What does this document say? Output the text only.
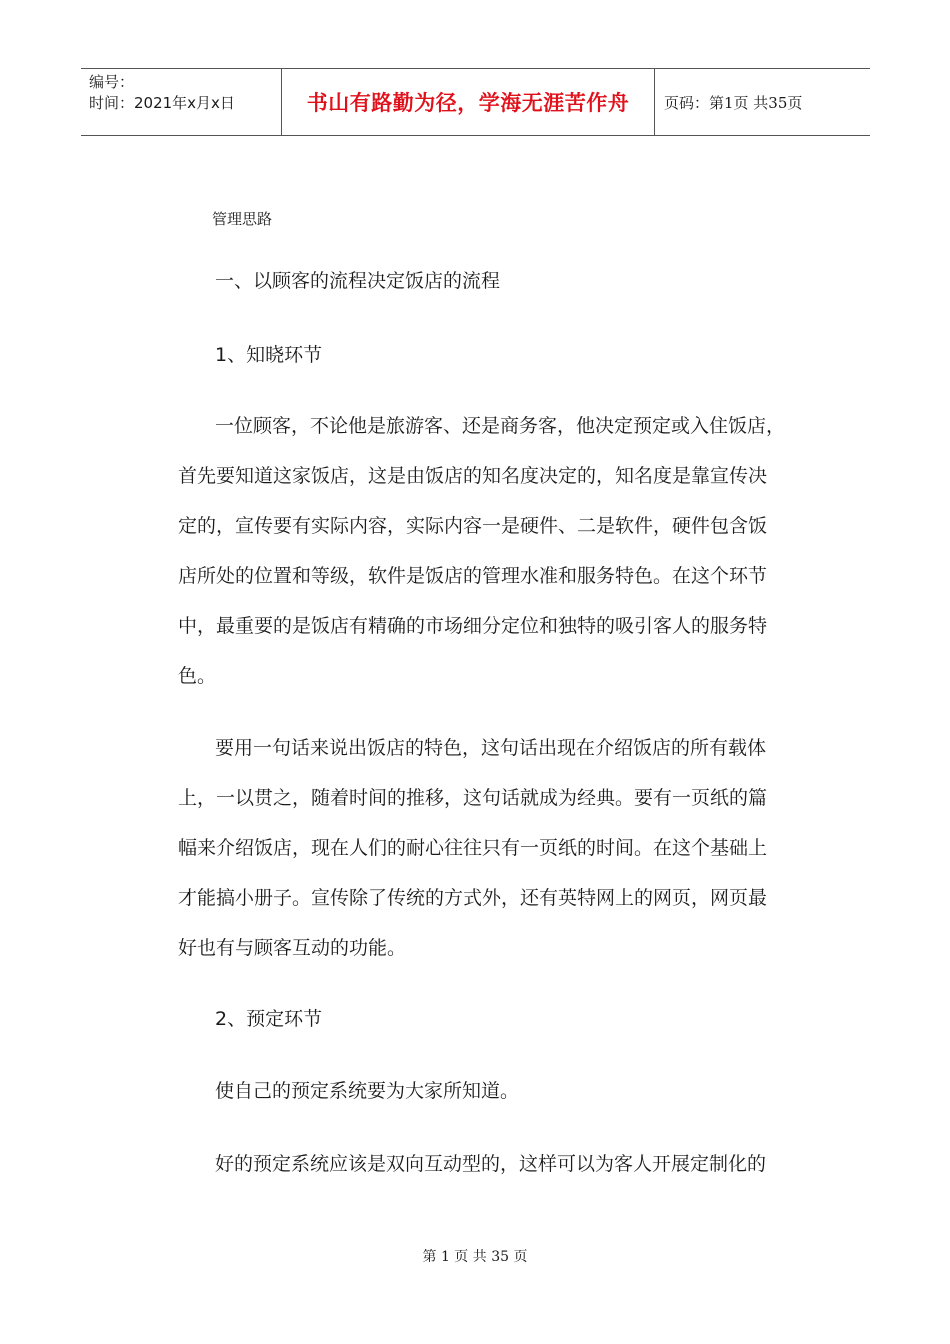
编号：
时间：2021年x月x日	书山有路勤为径，学海无涯苦作舟	页码：第1页 共35页
管理思路
一、以顾客的流程决定饭店的流程
1、知晓环节
一位顾客，不论他是旅游客、还是商务客，他决定预定或入住饭店，
首先要知道这家饭店，这是由饭店的知名度决定的，知名度是靠宣传决
定的，宣传要有实际内容，实际内容一是硬件、二是软件，硬件包含饭
店所处的位置和等级，软件是饭店的管理水准和服务特色。在这个环节
中，最重要的是饭店有精确的市场细分定位和独特的吸引客人的服务特
色。
要用一句话来说出饭店的特色，这句话出现在介绍饭店的所有载体
上，一以贯之，随着时间的推移，这句话就成为经典。要有一页纸的篇
幅来介绍饭店，现在人们的耐心往往只有一页纸的时间。在这个基础上
才能搞小册子。宣传除了传统的方式外，还有英特网上的网页，网页最
好也有与顾客互动的功能。
2、预定环节
使自己的预定系统要为大家所知道。
好的预定系统应该是双向互动型的，这样可以为客人开展定制化的
第 1 页 共 35 页
